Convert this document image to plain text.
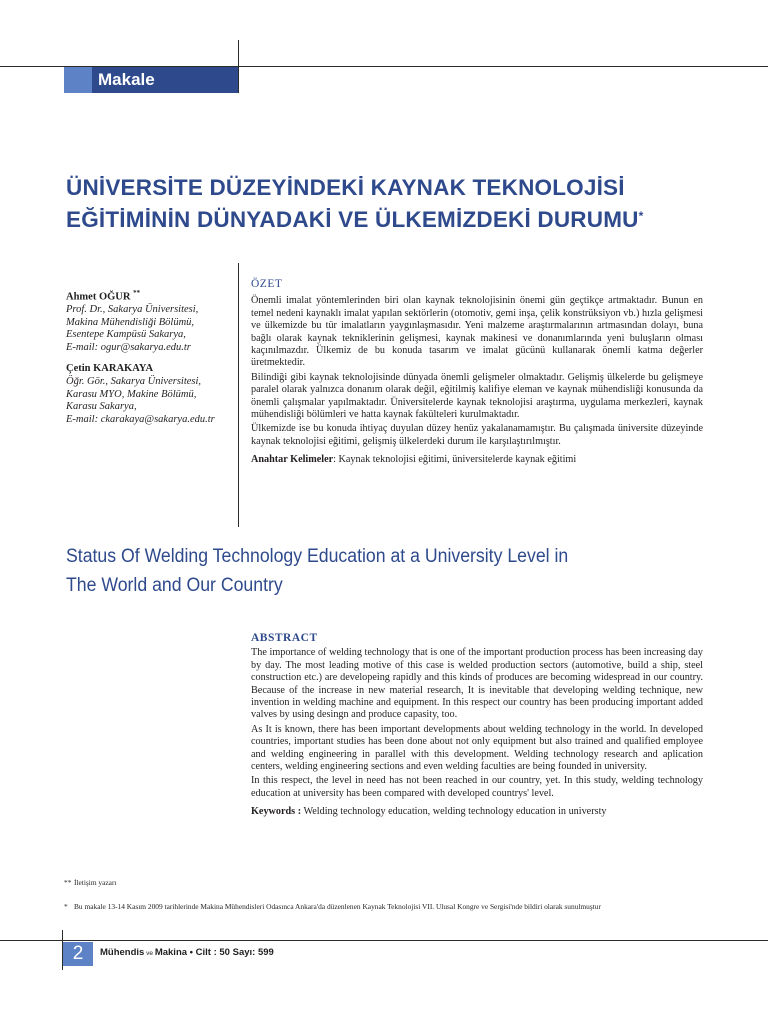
Makale
ÜNİVERSİTE DÜZEYİNDEKİ KAYNAK TEKNOLOJİSİ
EĞİTİMİNİN DÜNYADAKİ VE ÜLKEMİZDEKİ DURUMU*
Ahmet OĞUR **
Prof. Dr., Sakarya Üniversitesi,
Makina Mühendisliği Bölümü,
Esentepe Kampüsü Sakarya,
E-mail: ogur@sakarya.edu.tr
Çetin KARAKAYA
Öğr. Gör., Sakarya Üniversitesi,
Karasu MYO, Makine Bölümü,
Karasu Sakarya,
E-mail: ckarakaya@sakarya.edu.tr
ÖZET

Önemli imalat yöntemlerinden biri olan kaynak teknolojisinin önemi gün geçtikçe artmaktadır. Bunun en temel nedeni kaynaklı imalat yapılan sektörlerin (otomotiv, gemi inşa, çelik konstrüksiyon vb.) hızla gelişmesi ve ülkemizde bu tür imalatların yaygınlaşmasıdır. Yeni malzeme araştırmalarının artmasından dolayı, buna bağlı olarak kaynak tekniklerinin gelişmesi, kaynak makinesi ve donanımlarında yeni buluşların olması kaçınılmazdır. Ülkemiz de bu konuda tasarım ve imalat gücünü kullanarak önemli katma değerler üretmektedir.

Bilindiği gibi kaynak teknolojisinde dünyada önemli gelişmeler olmaktadır. Gelişmiş ülkelerde bu gelişmeye paralel olarak yalnızca donanım olarak değil, eğitilmiş kalifiye eleman ve kaynak mühendisliği konusunda da önemli çalışmalar yapılmaktadır. Üniversitelerde kaynak teknolojisi araştırma, uygulama merkezleri, kaynak mühendisliği bölümleri ve hatta kaynak fakülteleri kurulmaktadır.

Ülkemizde ise bu konuda ihtiyaç duyulan düzey henüz yakalanamamıştır. Bu çalışmada üniversite düzeyinde kaynak teknolojisi eğitimi, gelişmiş ülkelerdeki durum ile karşılaştırılmıştır.

Anahtar Kelimeler: Kaynak teknolojisi eğitimi, üniversitelerde kaynak eğitimi

Status Of Welding Technology Education at a University Level in
The World and Our Country
ABSTRACT

The importance of welding technology that is one of the important production process has been increasing day by day. The most leading motive of this case is welded production sectors (automotive, build a ship, steel construction etc.) are developeing rapidly and this kinds of produces are becoming widespread in our country. Because of the increase in new material research, It is inevitable that developing welding technique, new invention in welding machine and equipment. In this respect our country has been producing important added valves by using desingn and produce capasity, too.

As It is known, there has been important developments about welding technology in the world. In developed countries, important studies has been done about not only equipment but also trained and qualified employee and welding engineering in parallel with this development. Welding technology research and aplication centers, welding engineering sections and even welding faculties are being founded in university.

In this respect, the level in need has not been reached in our country, yet. In this study, welding technology education at university has been compared with developed countrys' level.

Keywords : Welding technology education, welding technology education in universty

** İletişim yazarı
* Bu makale 13-14 Kasım 2009 tarihlerinde Makina Mühendisleri Odasınca Ankara'da düzenlenen Kaynak Teknolojisi VII. Ulusal Kongre ve Sergisi'nde bildiri olarak sunulmuştur
2	Mühendis ve Makina • Cilt : 50 Sayı: 599
